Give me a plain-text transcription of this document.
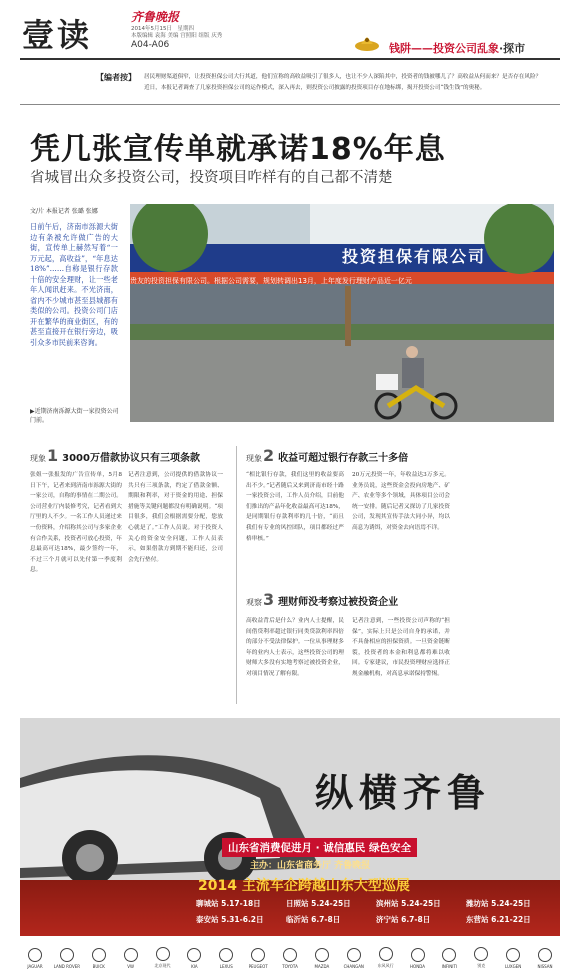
壹读	齐鲁晚报
2014年5月15日　星期四
本版编辑 袁海 美编 宫照阳 组版 庆秀
A04-A06	钱阱——投资公司乱象·探市
【编者按】 居民理财渠道俱窄，让投资担保公司大行其道，他们宣称的高收益吸引了很多人，也让不少人深陷其中，投资者的钱被哪儿了？高收益从何而来？是否存在风险？近日，本报记者调查了几家投资担保公司的运作模式，深入再去，则投资公司披露的投资项目存在地标绑，揭开投资公司“钱生钱”的奥秘。
凭几张宣传单就承诺18%年息
省城冒出众多投资公司，投资项目咋样有的自己都不清楚
文/片 本报记者 张璐 张娜
日前午后，济南市泺源大街边有条被允许做广告的大街，宣传单上赫然写着“一万元起，高收益”，“年息达18%”……自称是银行存款十倍的安全理财，让一些老年人闻讯赶来。不光济南，省内不少城市甚至县城都有类似的公司。投资公司门店开在繁华的商业街区，有的甚至直接开在银行旁边，吸引众多市民前来咨询。
▶近期济南泺源大街一家投资公司门前。
投资担保有限公司
贵友的投资担保有限公司。根据公司需要，规划转调出13月，上年度发行理财产品近一亿元
现象1 3000万借款协议只有三项条款
张姐一张报发的广告宣传单，5月8日下午，记者来到济南市泺源大街的一家公司，自称的事情在二期公司。公司营业厅内装修考究，记者看到大厅里的人不少。一名工作人员递过来一份资料，介绍称其公司与多家企业有合作关系，投资者可放心投资，年息最高可达18%，最少签约一年，不过三个月就可以先付第一季度利息。
记者注意到，公司提供的借款协议一共只有三项条款，约定了借款金额、期限和利率，对于资金的用途、担保措施等关键问题都没有明确说明。“项目很多，我们会根据需要分配，您放心就是了。”工作人员说。对于投资人关心的资金安全问题，工作人员表示，如果借款方到期不能归还，公司会先行垫付。
现象2 收益可超过银行存款三十多倍
“相比银行存款，我们这里的收益要高出不少。”记者随后又来到济南市经十路一家投资公司，工作人员介绍，目前他们推出的产品年化收益最高可达18%，是同期银行存款利率的几十倍，“而且我们有专业的风控团队，项目都经过严格审核。”
20万元投资一年，年收益达3万多元。业务员说，这些资金会投向房地产、矿产、农业等多个领域，具体项目公司会统一安排。随后记者又探访了几家投资公司，发现其宣传手法大同小异，均以高息为诱饵，对资金去向语焉不详。
观察3 理财师没考察过被投资企业
高收益背后是什么？业内人士提醒，民间借贷利率超过银行同类贷款利率四倍的部分不受法律保护。一位从事理财多年的业内人士表示，这些投资公司的理财师大多没有实地考察过被投资企业，对项目情况了解有限。
记者注意到，一些投资公司声称的“担保”，实际上只是公司自身的承诺，并不具备相应的担保资质。一旦资金链断裂，投资者的本金和利息都将难以收回。专家建议，市民投资理财应选择正规金融机构，对高息承诺保持警惕。
纵横齐鲁
山东省消费促进月 · 诚信惠民 绿色安全
主办：山东省商务厅 齐鲁晚报
2014 主流车企跨越山东大型巡展
聊城站 5.17-18日	日照站 5.24-25日	滨州站 5.24-25日	潍坊站 5.24-25日
泰安站 5.31-6.2日	临沂站 6.7-8日	济宁站 6.7-8日	东营站 6.21-22日
JAGUAR	LAND ROVER	BUICK	VW	北京现代	KIA	LEXUS	PEUGEOT	TOYOTA	MAZDA	CHANGAN	东风风行	HONDA	INFINITI	别克	LUXGEN	NISSAN
